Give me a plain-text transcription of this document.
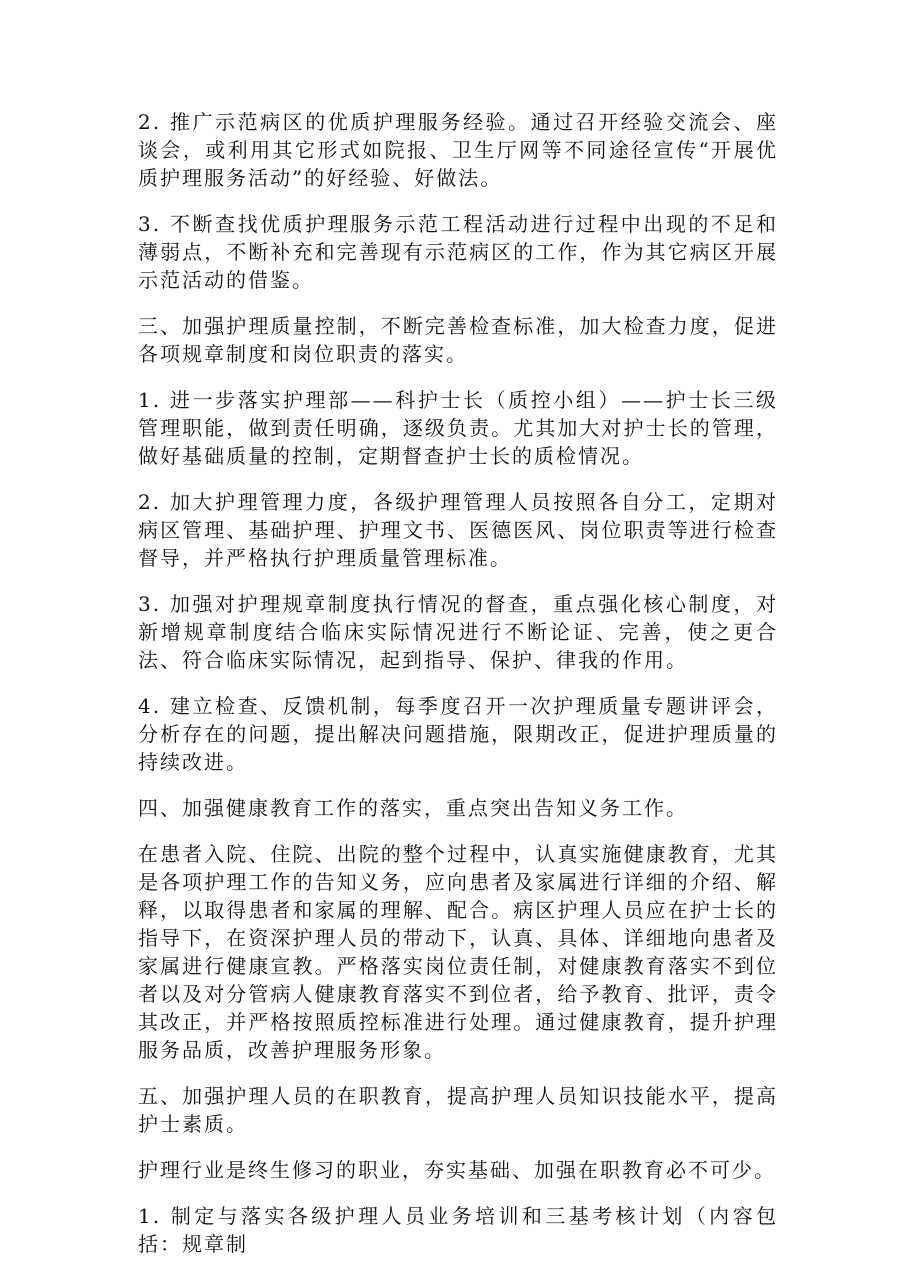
2. 推广示范病区的优质护理服务经验。通过召开经验交流会、座谈会，或利用其它形式如院报、卫生厅网等不同途径宣传“开展优质护理服务活动”的好经验、好做法。

3. 不断查找优质护理服务示范工程活动进行过程中出现的不足和薄弱点，不断补充和完善现有示范病区的工作，作为其它病区开展示范活动的借鉴。

三、加强护理质量控制，不断完善检查标准，加大检查力度，促进各项规章制度和岗位职责的落实。

1. 进一步落实护理部——科护士长（质控小组）——护士长三级管理职能，做到责任明确，逐级负责。尤其加大对护士长的管理，做好基础质量的控制，定期督查护士长的质检情况。

2. 加大护理管理力度，各级护理管理人员按照各自分工，定期对病区管理、基础护理、护理文书、医德医风、岗位职责等进行检查督导，并严格执行护理质量管理标准。

3. 加强对护理规章制度执行情况的督查，重点强化核心制度，对新增规章制度结合临床实际情况进行不断论证、完善，使之更合法、符合临床实际情况，起到指导、保护、律我的作用。

4. 建立检查、反馈机制，每季度召开一次护理质量专题讲评会，分析存在的问题，提出解决问题措施，限期改正，促进护理质量的持续改进。

四、加强健康教育工作的落实，重点突出告知义务工作。

在患者入院、住院、出院的整个过程中，认真实施健康教育，尤其是各项护理工作的告知义务，应向患者及家属进行详细的介绍、解释，以取得患者和家属的理解、配合。病区护理人员应在护士长的指导下，在资深护理人员的带动下，认真、具体、详细地向患者及家属进行健康宣教。严格落实岗位责任制，对健康教育落实不到位者以及对分管病人健康教育落实不到位者，给予教育、批评，责令其改正，并严格按照质控标准进行处理。通过健康教育，提升护理服务品质，改善护理服务形象。

五、加强护理人员的在职教育，提高护理人员知识技能水平，提高护士素质。

护理行业是终生修习的职业，夯实基础、加强在职教育必不可少。

1. 制定与落实各级护理人员业务培训和三基考核计划（内容包括：规章制
